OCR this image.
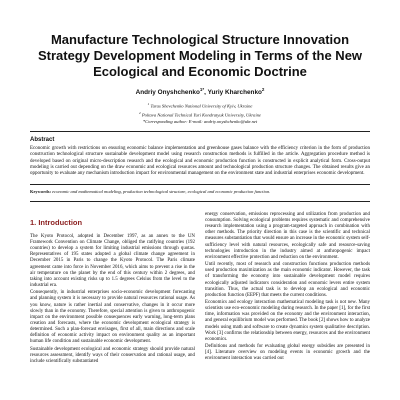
Manufacture Technological Structure Innovation Strategy Development Modeling in Terms of the New Ecological and Economic Doctrine
Andriy Onyshchenko$^{1*}$, Yuriy Kharchenko$^2$
$^1$ Taras Shevchenko National University of Kyiv, Ukraine
$^2$ Poltava National Technical Yuri Kondratyuk University, Ukraine
*Corresponding author: E-mail: andriy.onyshchenko@ukr.net
Abstract
Economic growth with restrictions on ensuring economic balance implementation and greenhouse gases balance with the efficiency criterion in the form of production construction technological structure sustainable development model using research construction methods is fulfilled in the article. Aggregation procedure method is developed based on original micro-description research and the ecological and economic production function is constructed in explicit analytical form. Cross-output modeling is carried out depending on the draw economic and ecological resources amount and technological production structure changes. The obtained results give an opportunity to evaluate any mechanism introduction impact for environmental management on the environment state and industrial enterprises economic development.
Keywords: economic and mathematical modeling, production technological structure, ecological and economic production function.
1. Introduction

The Kyoto Protocol, adopted in December 1997, as an annex to the UN Framework Convention on Climate Change, obliged the ratifying countries (192 countries) to develop a system for limiting industrial emissions through quotas. Representatives of 195 states adopted a global climate change agreement in December 2015 in Paris to change the Kyoto Protocol. The Paris climate agreement came into force in November 2016, which aims to prevent a rise in the air temperature on the planet by the end of this century within 2 degrees, and taking into account existing risks up to 1.5 degrees Celsius from the level to the industrial era.

Consequently, in industrial enterprises socio-economic development forecasting and planning system it is necessary to provide natural resources rational usage. As you know, nature is rather inertial and conservative, changes in it occur more slowly than in the economy. Therefore, special attention is given to anthropogenic impact on the environment possible consequences early warning, long-term plans creation and forecasts, where the economic development ecological strategy is determined. Such a plan-forecast envisages, first of all, main directions and scale definition of economic activity impact on environment quality as an important human life condition and sustainable economic development.

Sustainable development ecological and economic strategy should provide natural resources assessment, identify ways of their conservation and rational usage, and include scientifically substantiated

energy conservation, emissions reprocessing and utilization from production and consumption. Solving ecological problems requires systematic and comprehensive research implementation using a program-targeted approach in combination with other methods. The priority direction in this case is the scientific and technical measures substantiation that would ensure an increase in the economic system self-sufficiency level with natural resources, ecologically safe and resource-saving technologies introduction in the industry aimed at anthropogenic impact environment effective protection and reduction on the environment.

Until recently, most of research and construction functions production methods used production maximization as the main economic indicator. However, the task of transforming the economy into sustainable development model requires ecologically adjusted indicators consideration and economic levers entire system transition. Thus, the actual task is to develop an ecological and economic production function (EEPF) that meets the current conditions.

Economics and ecology interaction mathematical modeling task is not new. Many scientists use eco-economic modeling during research. In the paper [1], for the first time, information was provided on the economy and the environment interaction, and general equilibrium model was performed. The book [2] shows how to analyze models using math and software to create dynamics system qualitative description. Work [3] confirms the relationship between energy, resources and the environment economics.

Definitions and methods for evaluating global energy subsidies are presented in [4]. Literature overview on modeling events in economic growth and the environment interaction was carried out
